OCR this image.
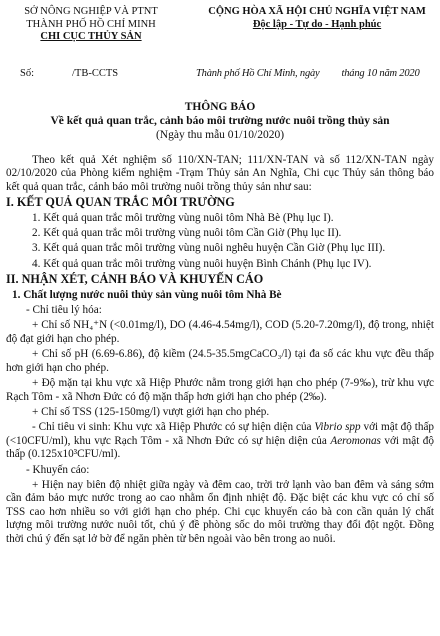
SỞ NÔNG NGHIỆP VÀ PTNT
THÀNH PHỐ HỒ CHÍ MINH
CHI CỤC THỦY SẢN
CỘNG HÒA XÃ HỘI CHỦ NGHĨA VIỆT NAM
Độc lập - Tự do - Hạnh phúc
Số:	/TB-CCTS	Thành phố Hồ Chí Minh, ngày tháng 10 năm 2020
THÔNG BÁO
Về kết quả quan trắc, cảnh báo môi trường nước nuôi trồng thủy sản
(Ngày thu mẫu 01/10/2020)

Theo kết quả Xét nghiệm số 110/XN-TAN; 111/XN-TAN và số 112/XN-TAN ngày 02/10/2020 của Phòng kiểm nghiệm -Trạm Thủy sản An Nghĩa, Chi cục Thủy sản thông báo kết quả quan trắc, cảnh báo môi trường nuôi trồng thủy sản như sau:

I. KẾT QUẢ QUAN TRẮC MÔI TRƯỜNG

1. Kết quả quan trắc môi trường vùng nuôi tôm Nhà Bè (Phụ lục I).

2. Kết quả quan trắc môi trường vùng nuôi tôm Cần Giờ (Phụ lục II).

3. Kết quả quan trắc môi trường vùng nuôi nghêu huyện Cần Giờ (Phụ lục III).

4. Kết quả quan trắc môi trường vùng nuôi huyện Bình Chánh (Phụ lục IV).

II. NHẬN XÉT, CẢNH BÁO VÀ KHUYẾN CÁO

1. Chất lượng nước nuôi thủy sản vùng nuôi tôm Nhà Bè

- Chỉ tiêu lý hóa:

+ Chỉ số NH₄⁺N (<0.01mg/l), DO (4.46-4.54mg/l), COD (5.20-7.20mg/l), độ trong, nhiệt độ đạt giới hạn cho phép.

+ Chỉ số pH (6.69-6.86), độ kiềm (24.5-35.5mgCaCO₃/l) tại đa số các khu vực đều thấp hơn giới hạn cho phép.

+ Độ mặn tại khu vực xã Hiệp Phước nằm trong giới hạn cho phép (7-9‰), trừ khu vực Rạch Tôm - xã Nhơn Đức có độ mặn thấp hơn giới hạn cho phép (2‰).

+ Chỉ số TSS (125-150mg/l) vượt giới hạn cho phép.

- Chỉ tiêu vi sinh: Khu vực xã Hiệp Phước có sự hiện diện của Vibrio spp với mật độ thấp (<10CFU/ml), khu vực Rạch Tôm - xã Nhơn Đức có sự hiện diện của Aeromonas với mật độ thấp (0.125x10³CFU/ml).

- Khuyến cáo:

+ Hiện nay biên độ nhiệt giữa ngày và đêm cao, trời trở lạnh vào ban đêm và sáng sớm cần đảm bảo mực nước trong ao cao nhằm ổn định nhiệt độ. Đặc biệt các khu vực có chỉ số TSS cao hơn nhiều so với giới hạn cho phép. Chi cục khuyến cáo bà con cần quản lý chất lượng môi trường nước nuôi tốt, chủ ý đề phòng sốc do môi trường thay đổi đột ngột. Đồng thời chú ý đến sạt lở bờ để ngăn phèn từ bên ngoài vào bên trong ao nuôi.
